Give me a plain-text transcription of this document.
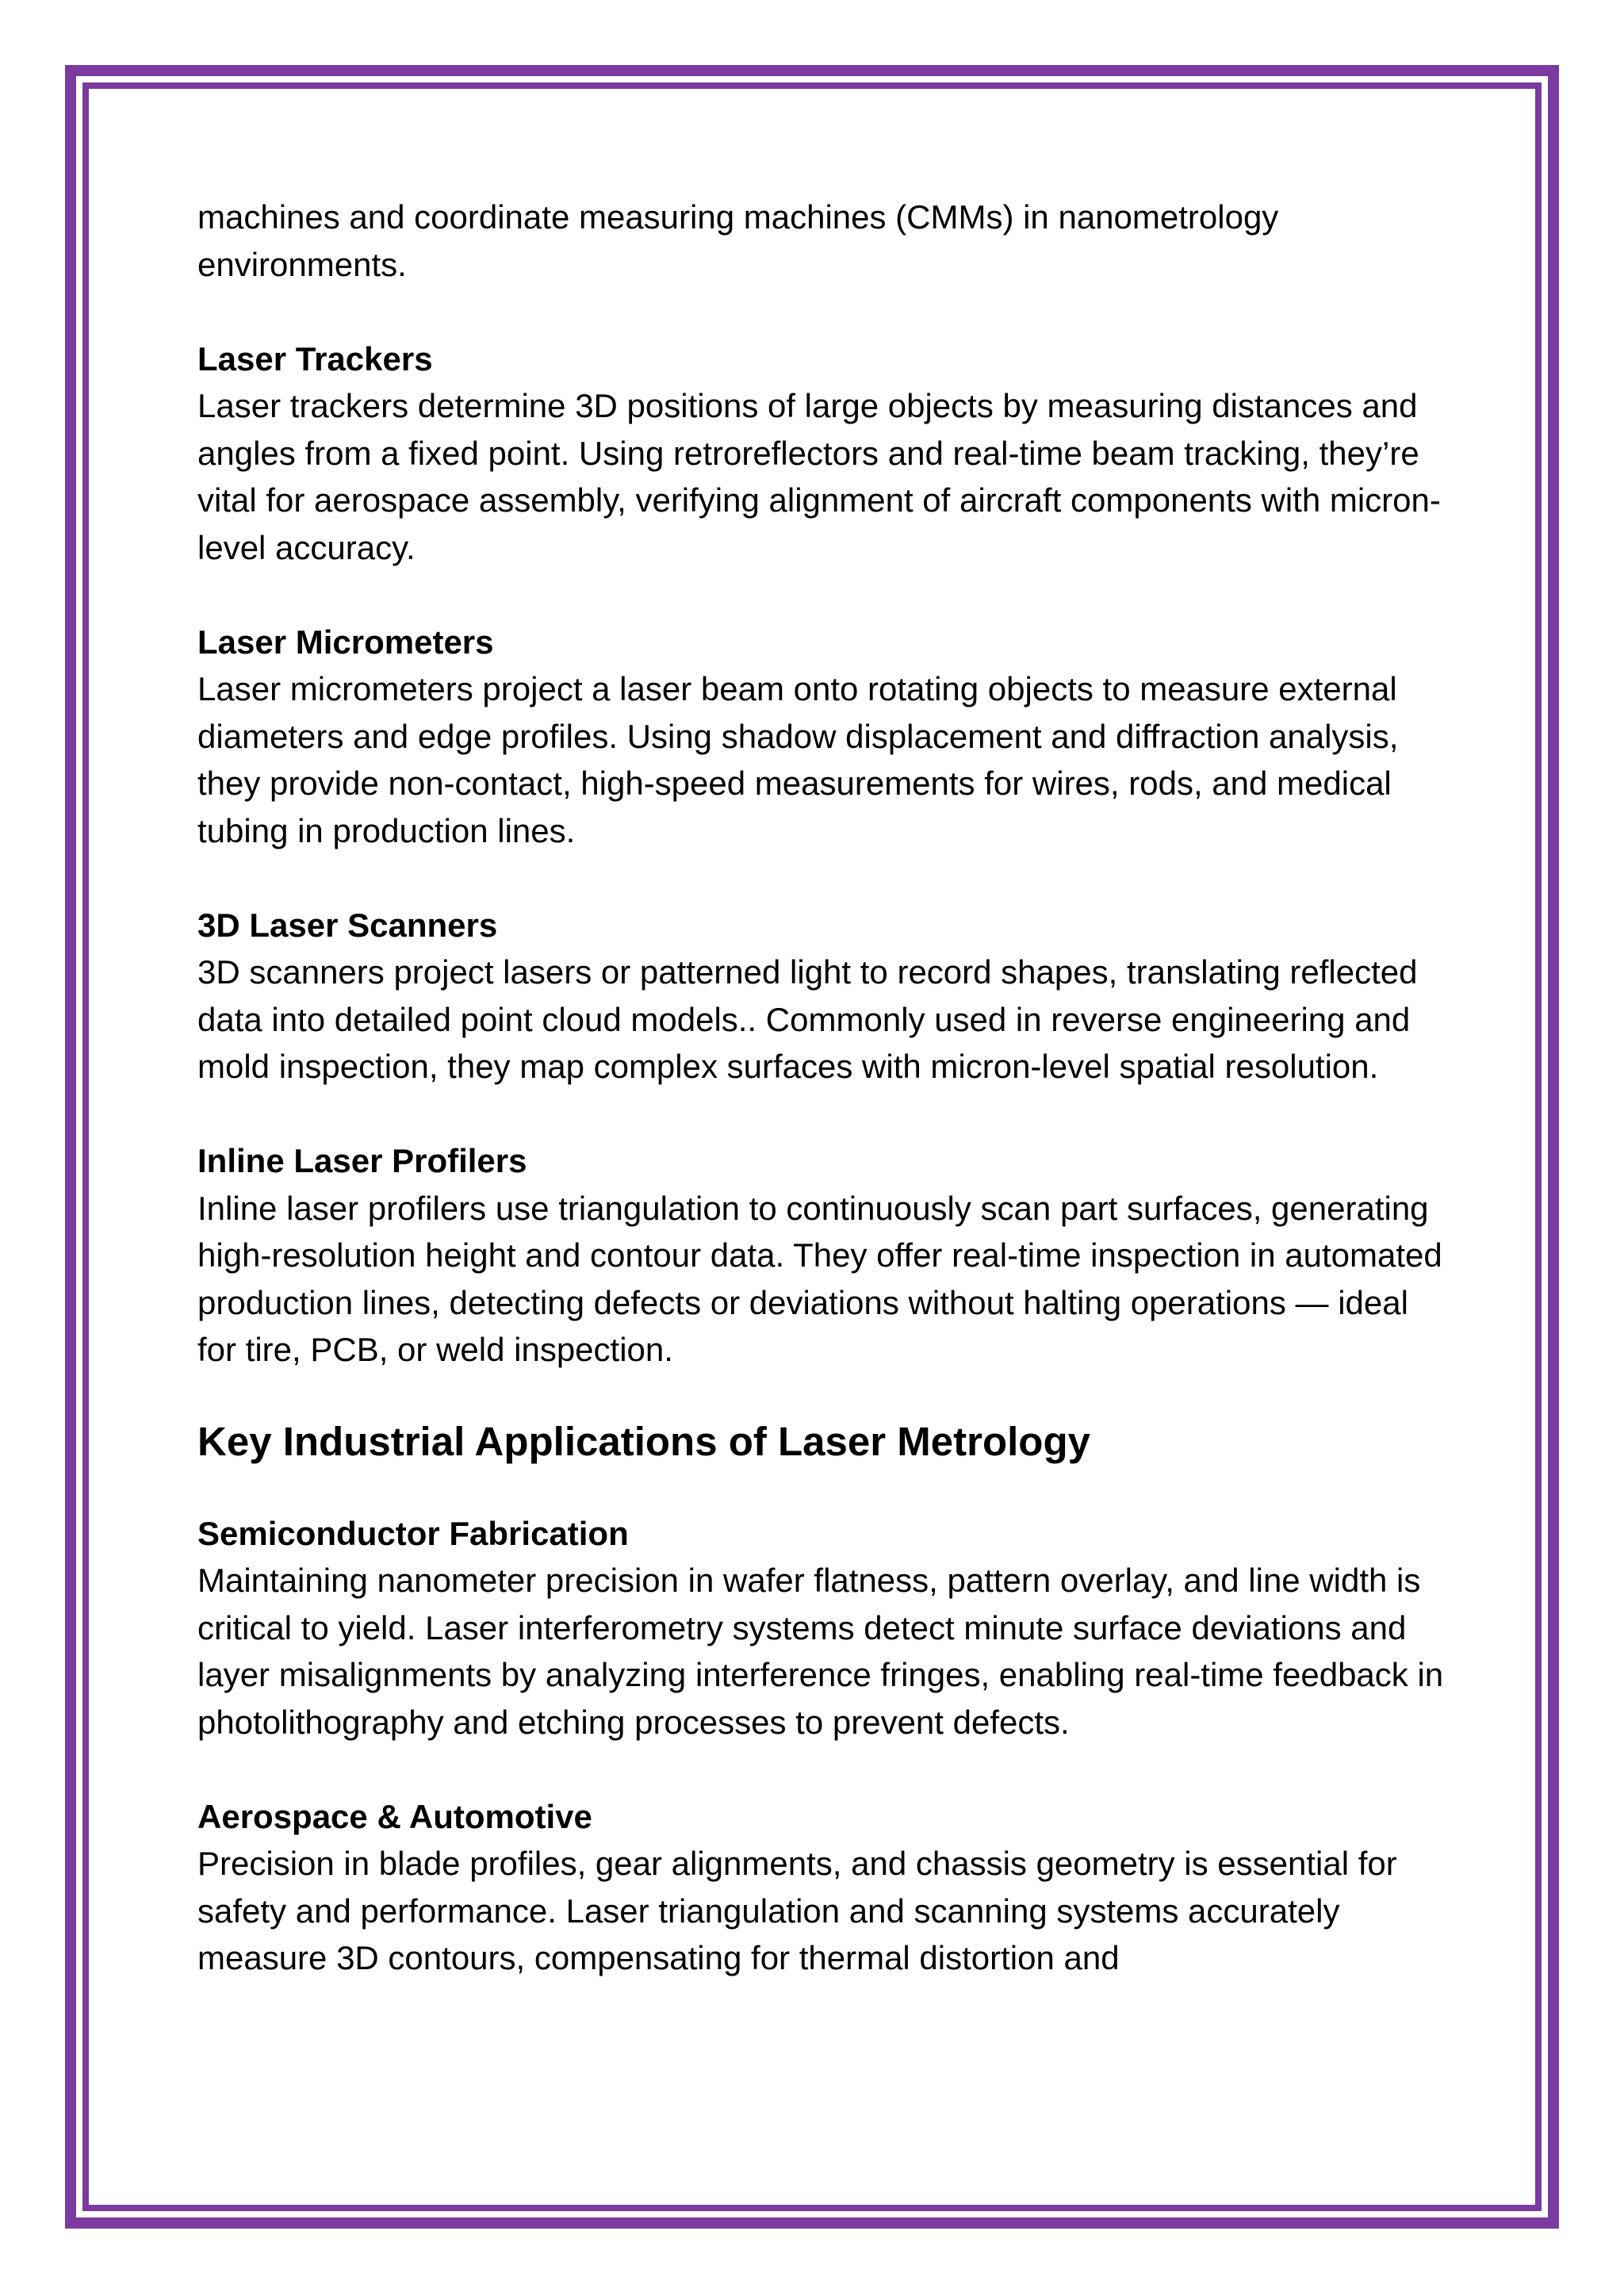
machines and coordinate measuring machines (CMMs) in nanometrology environments.

Laser Trackers

Laser trackers determine 3D positions of large objects by measuring distances and angles from a fixed point. Using retroreflectors and real-time beam tracking, they’re vital for aerospace assembly, verifying alignment of aircraft components with micron-level accuracy.

Laser Micrometers

Laser micrometers project a laser beam onto rotating objects to measure external diameters and edge profiles. Using shadow displacement and diffraction analysis, they provide non-contact, high-speed measurements for wires, rods, and medical tubing in production lines.

3D Laser Scanners

3D scanners project lasers or patterned light to record shapes, translating reflected data into detailed point cloud models.. Commonly used in reverse engineering and mold inspection, they map complex surfaces with micron-level spatial resolution.

Inline Laser Profilers

Inline laser profilers use triangulation to continuously scan part surfaces, generating high-resolution height and contour data. They offer real-time inspection in automated production lines, detecting defects or deviations without halting operations — ideal for tire, PCB, or weld inspection.

Key Industrial Applications of Laser Metrology

Semiconductor Fabrication

Maintaining nanometer precision in wafer flatness, pattern overlay, and line width is critical to yield. Laser interferometry systems detect minute surface deviations and layer misalignments by analyzing interference fringes, enabling real-time feedback in photolithography and etching processes to prevent defects.

Aerospace & Automotive

Precision in blade profiles, gear alignments, and chassis geometry is essential for safety and performance. Laser triangulation and scanning systems accurately measure 3D contours, compensating for thermal distortion and
